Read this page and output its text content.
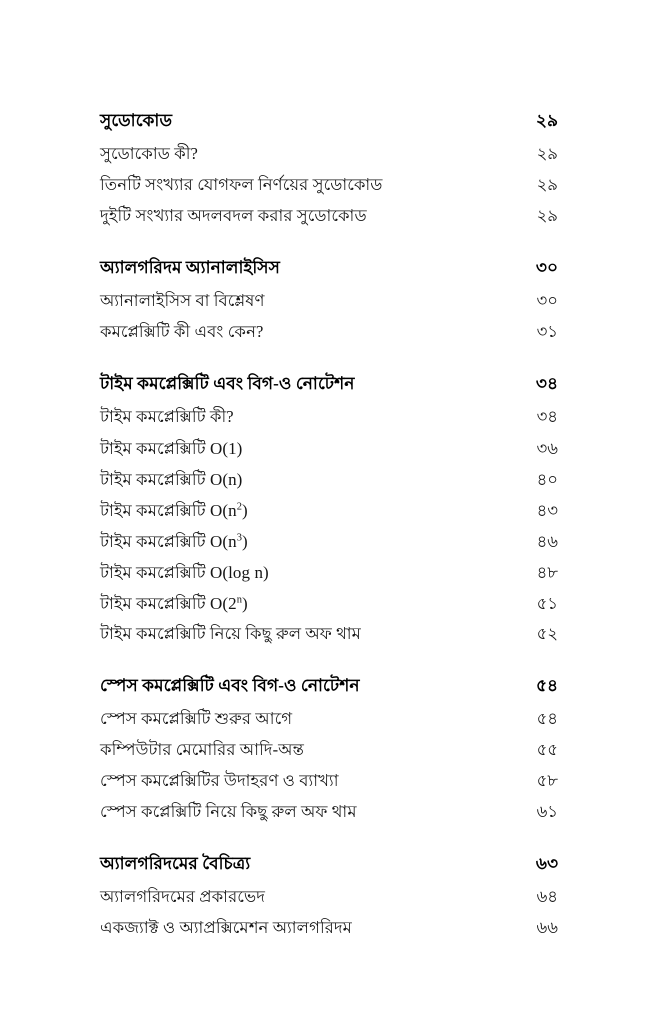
সুডোকোড	২৯
সুডোকোড কী?	২৯
তিনটি সংখ্যার যোগফল নির্ণয়ের সুডোকোড	২৯
দুইটি সংখ্যার অদলবদল করার সুডোকোড	২৯
অ্যালগরিদম অ্যানালাইসিস	৩০
অ্যানালাইসিস বা বিশ্লেষণ	৩০
কমপ্লেক্সিটি কী এবং কেন?	৩১
টাইম কমপ্লেক্সিটি এবং বিগ-ও নোটেশন	৩৪
টাইম কমপ্লেক্সিটি কী?	৩৪
টাইম কমপ্লেক্সিটি O(1)	৩৬
টাইম কমপ্লেক্সিটি O(n)	৪০
টাইম কমপ্লেক্সিটি $O(n^2)$	৪৩
টাইম কমপ্লেক্সিটি $O(n^3)$	৪৬
টাইম কমপ্লেক্সিটি O(log n)	৪৮
টাইম কমপ্লেক্সিটি O(2$^n$)	৫১
টাইম কমপ্লেক্সিটি নিয়ে কিছু রুল অফ থাম	৫২
স্পেস কমপ্লেক্সিটি এবং বিগ-ও নোটেশন	৫৪
স্পেস কমপ্লেক্সিটি শুরুর আগে	৫৪
কম্পিউটার মেমোরির আদি-অন্ত	৫৫
স্পেস কমপ্লেক্সিটির উদাহরণ ও ব্যাখ্যা	৫৮
স্পেস কপ্লেক্সিটি নিয়ে কিছু রুল অফ থাম	৬১
অ্যালগরিদমের বৈচিত্র্য	৬৩
অ্যালগরিদমের প্রকারভেদ	৬৪
একজ্যাক্ট ও অ্যাপ্রক্সিমেশন অ্যালগরিদম	৬৬
